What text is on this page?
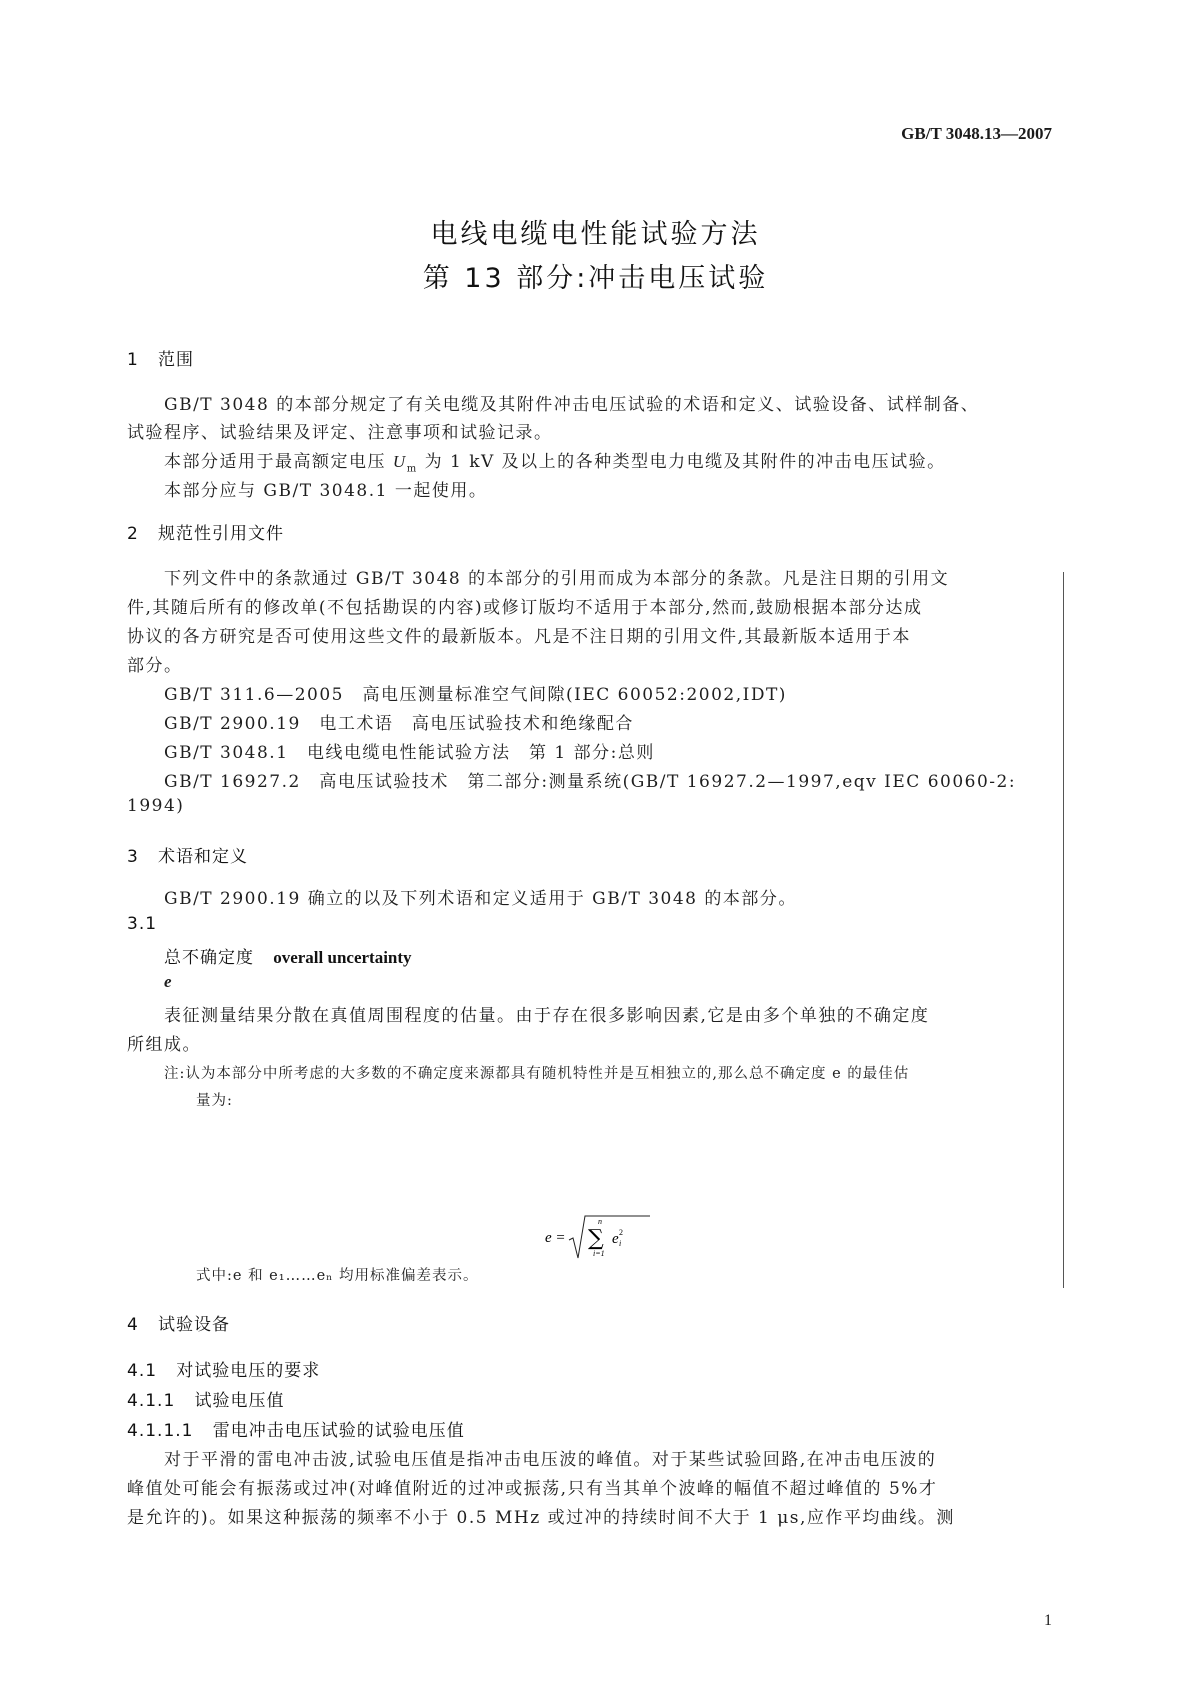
GB/T 3048.13—2007
电线电缆电性能试验方法
第 13 部分:冲击电压试验
1 范围
GB/T 3048 的本部分规定了有关电缆及其附件冲击电压试验的术语和定义、试验设备、试样制备、
试验程序、试验结果及评定、注意事项和试验记录。
本部分适用于最高额定电压 $U_m$ 为 1 kV 及以上的各种类型电力电缆及其附件的冲击电压试验。
本部分应与 GB/T 3048.1 一起使用。
2 规范性引用文件
下列文件中的条款通过 GB/T 3048 的本部分的引用而成为本部分的条款。凡是注日期的引用文
件,其随后所有的修改单(不包括勘误的内容)或修订版均不适用于本部分,然而,鼓励根据本部分达成
协议的各方研究是否可使用这些文件的最新版本。凡是不注日期的引用文件,其最新版本适用于本
部分。
GB/T 311.6—2005　高电压测量标准空气间隙(IEC 60052:2002,IDT)
GB/T 2900.19　电工术语　高电压试验技术和绝缘配合
GB/T 3048.1　电线电缆电性能试验方法　第 1 部分:总则
GB/T 16927.2　高电压试验技术　第二部分:测量系统(GB/T 16927.2—1997,eqv IEC 60060-2:
1994)
3 术语和定义
GB/T 2900.19 确立的以及下列术语和定义适用于 GB/T 3048 的本部分。
3.1
总不确定度 overall uncertainty
e
表征测量结果分散在真值周围程度的估量。由于存在很多影响因素,它是由多个单独的不确定度
所组成。
注:认为本部分中所考虑的大多数的不确定度来源都具有随机特性并是互相独立的,那么总不确定度 e 的最佳估
量为:
e =
n
∑
i=1
e i
2
式中:e 和 e₁……eₙ 均用标准偏差表示。
4 试验设备
4.1 对试验电压的要求
4.1.1 试验电压值
4.1.1.1 雷电冲击电压试验的试验电压值
对于平滑的雷电冲击波,试验电压值是指冲击电压波的峰值。对于某些试验回路,在冲击电压波的
峰值处可能会有振荡或过冲(对峰值附近的过冲或振荡,只有当其单个波峰的幅值不超过峰值的 5%才
是允许的)。如果这种振荡的频率不小于 0.5 MHz 或过冲的持续时间不大于 1 μs,应作平均曲线。测
1
